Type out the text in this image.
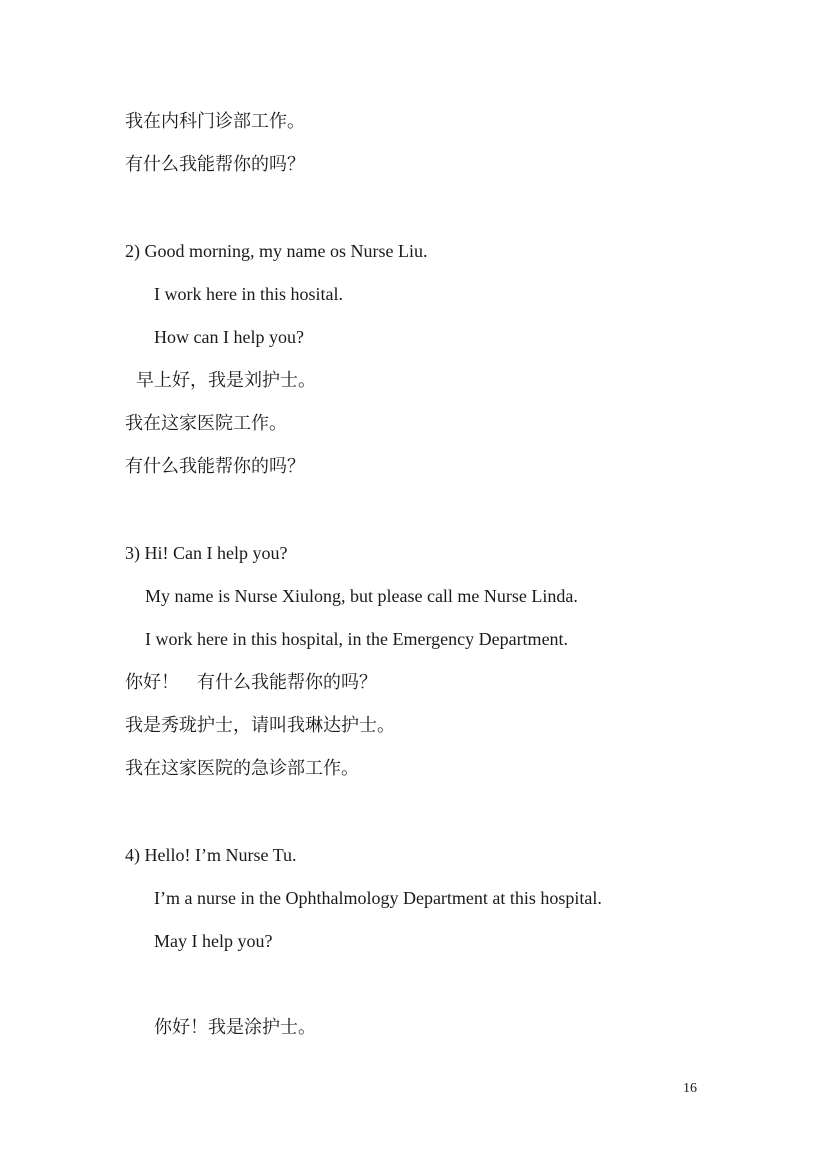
我在内科门诊部工作。
有什么我能帮你的吗？
2) Good morning, my name os Nurse Liu.
I work here in this hosital.
How can I help you?
早上好，我是刘护士。
我在这家医院工作。
有什么我能帮你的吗？
3) Hi! Can I help you?
My name is Nurse Xiulong, but please call me Nurse Linda.
I work here in this hospital, in the Emergency Department.
你好！　有什么我能帮你的吗？
我是秀珑护士，请叫我琳达护士。
我在这家医院的急诊部工作。
4) Hello! I’m Nurse Tu.
I’m a nurse in the Ophthalmology Department at this hospital.
May I help you?
你好！我是涂护士。
16
